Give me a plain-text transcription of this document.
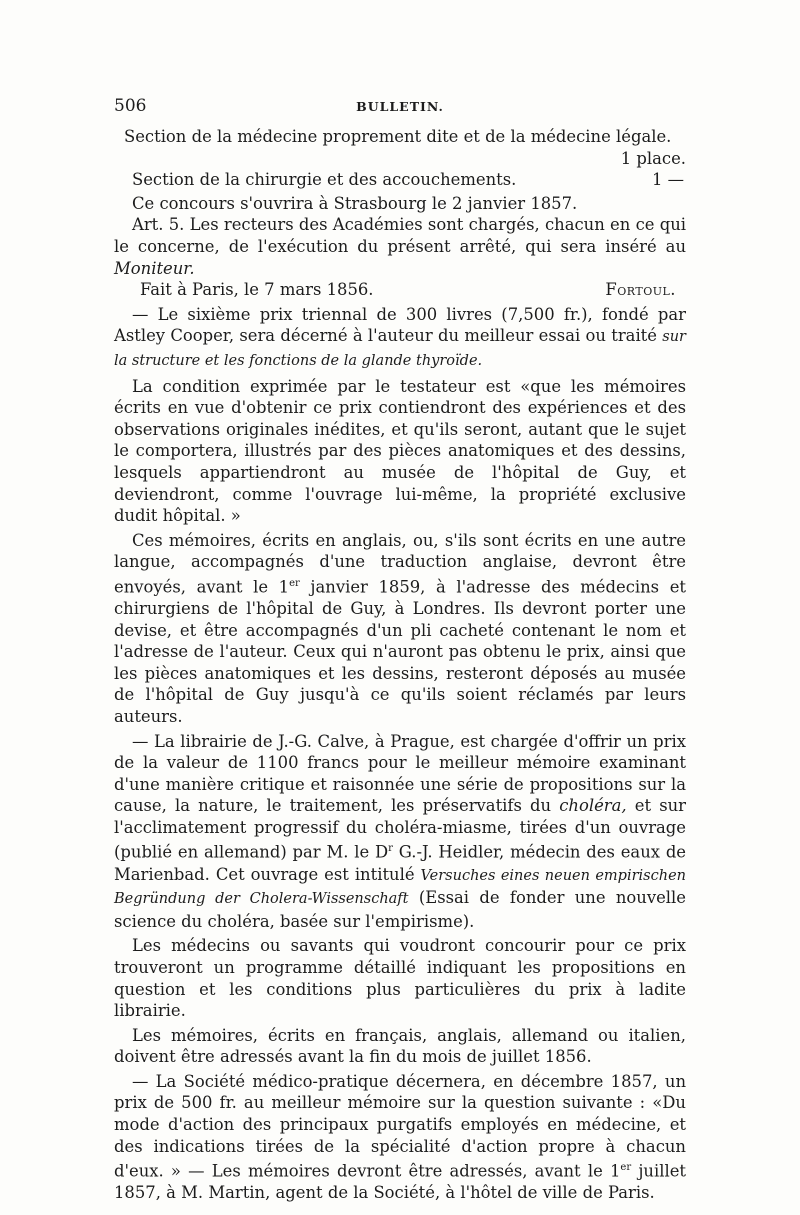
506	BULLETIN.

Section de la médecine proprement dite et de la médecine légale.
1 place.

Section de la chirurgie et des accouchements.	1 —

Ce concours s'ouvrira à Strasbourg le 2 janvier 1857.

Art. 5. Les recteurs des Académies sont chargés, chacun en ce qui le concerne, de l'exécution du présent arrêté, qui sera inséré au Moniteur.

Fait à Paris, le 7 mars 1856.	Fortoul.

— Le sixième prix triennal de 300 livres (7,500 fr.), fondé par Astley Cooper, sera décerné à l'auteur du meilleur essai ou traité sur la structure et les fonctions de la glande thyroïde.

La condition exprimée par le testateur est «que les mémoires écrits en vue d'obtenir ce prix contiendront des expériences et des observations originales inédites, et qu'ils seront, autant que le sujet le comportera, illustrés par des pièces anatomiques et des dessins, lesquels appartiendront au musée de l'hôpital de Guy, et deviendront, comme l'ouvrage lui-même, la propriété exclusive dudit hôpital. »

Ces mémoires, écrits en anglais, ou, s'ils sont écrits en une autre langue, accompagnés d'une traduction anglaise, devront être envoyés, avant le 1er janvier 1859, à l'adresse des médecins et chirurgiens de l'hôpital de Guy, à Londres. Ils devront porter une devise, et être accompagnés d'un pli cacheté contenant le nom et l'adresse de l'auteur. Ceux qui n'auront pas obtenu le prix, ainsi que les pièces anatomiques et les dessins, resteront déposés au musée de l'hôpital de Guy jusqu'à ce qu'ils soient réclamés par leurs auteurs.

— La librairie de J.-G. Calve, à Prague, est chargée d'offrir un prix de la valeur de 1100 francs pour le meilleur mémoire examinant d'une manière critique et raisonnée une série de propositions sur la cause, la nature, le traitement, les préservatifs du choléra, et sur l'acclimatement progressif du choléra-miasme, tirées d'un ouvrage (publié en allemand) par M. le $D^r$ G.-J. Heidler, médecin des eaux de Marienbad. Cet ouvrage est intitulé Versuches eines neuen empirischen Begründung der Cholera-Wissenschaft (Essai de fonder une nouvelle science du choléra, basée sur l'empirisme).

Les médecins ou savants qui voudront concourir pour ce prix trouveront un programme détaillé indiquant les propositions en question et les conditions plus particulières du prix à ladite librairie.

Les mémoires, écrits en français, anglais, allemand ou italien, doivent être adressés avant la fin du mois de juillet 1856.

— La Société médico-pratique décernera, en décembre 1857, un prix de 500 fr. au meilleur mémoire sur la question suivante : «Du mode d'action des principaux purgatifs employés en médecine, et des indications tirées de la spécialité d'action propre à chacun d'eux. » — Les mémoires devront être adressés, avant le 1er juillet 1857, à M. Martin, agent de la Société, à l'hôtel de ville de Paris.
